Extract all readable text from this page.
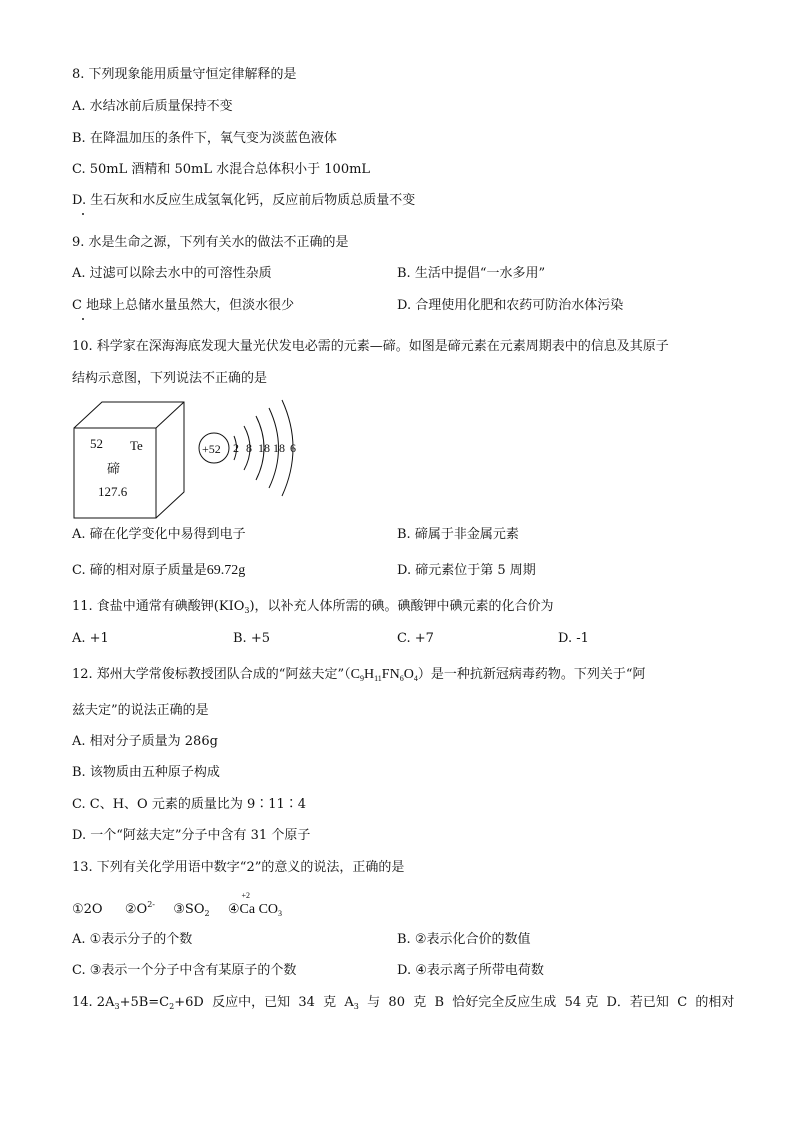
8. 下列现象能用质量守恒定律解释的是
A. 水结冰前后质量保持不变
B. 在降温加压的条件下，氧气变为淡蓝色液体
C. 50mL 酒精和 50mL 水混合总体积小于 100mL
D. 生石灰和水反应生成氢氧化钙，反应前后物质总质量不变
9. 水是生命之源，下列有关水的做法不正确的是
A. 过滤可以除去水中的可溶性杂质	B. 生活中提倡“一水多用”
C 地球上总储水量虽然大，但淡水很少	D. 合理使用化肥和农药可防治水体污染
10. 科学家在深海海底发现大量光伏发电必需的元素—碲。如图是碲元素在元素周期表中的信息及其原子
结构示意图，下列说法不正确的是
52 Te
碲
127.6
+52 2 8 18 18 6
A. 碲在化学变化中易得到电子	B. 碲属于非金属元素
C. 碲的相对原子质量是69.72g	D. 碲元素位于第 5 周期
11. 食盐中通常有碘酸钾$(KIO_3)$，以补充人体所需的碘。碘酸钾中碘元素的化合价为
A. +1	B. +5	C. +7	D. -1
12. 郑州大学常俊标教授团队合成的“阿兹夫定$”(C_9H_{11}FN_6O_4)$是一种抗新冠病毒药物。下列关于“阿
兹夫定”的说法正确的是
A. 相对分子质量为 286g
B. 该物质由五种原子构成
C. C、H、O 元素的质量比为 9∶11∶4
D. 一个“阿兹夫定”分子中含有 31 个原子
13. 下列有关化学用语中数字“2”的意义的说法，正确的是
①2O $②O^{2-}$ $③SO_2$ ④
+2
Ca $CO_3$
A. ①表示分子的个数	B. ②表示化合价的数值
C. ③表示一个分子中含有某原子的个数	D. ④表示离子所带电荷数
14. $2A_3+5B=C_2+6D$  反应中，已知  34  克  $A_3$  与  80  克  B  恰好完全反应生成  54 克  D．若已知  C  的相对
